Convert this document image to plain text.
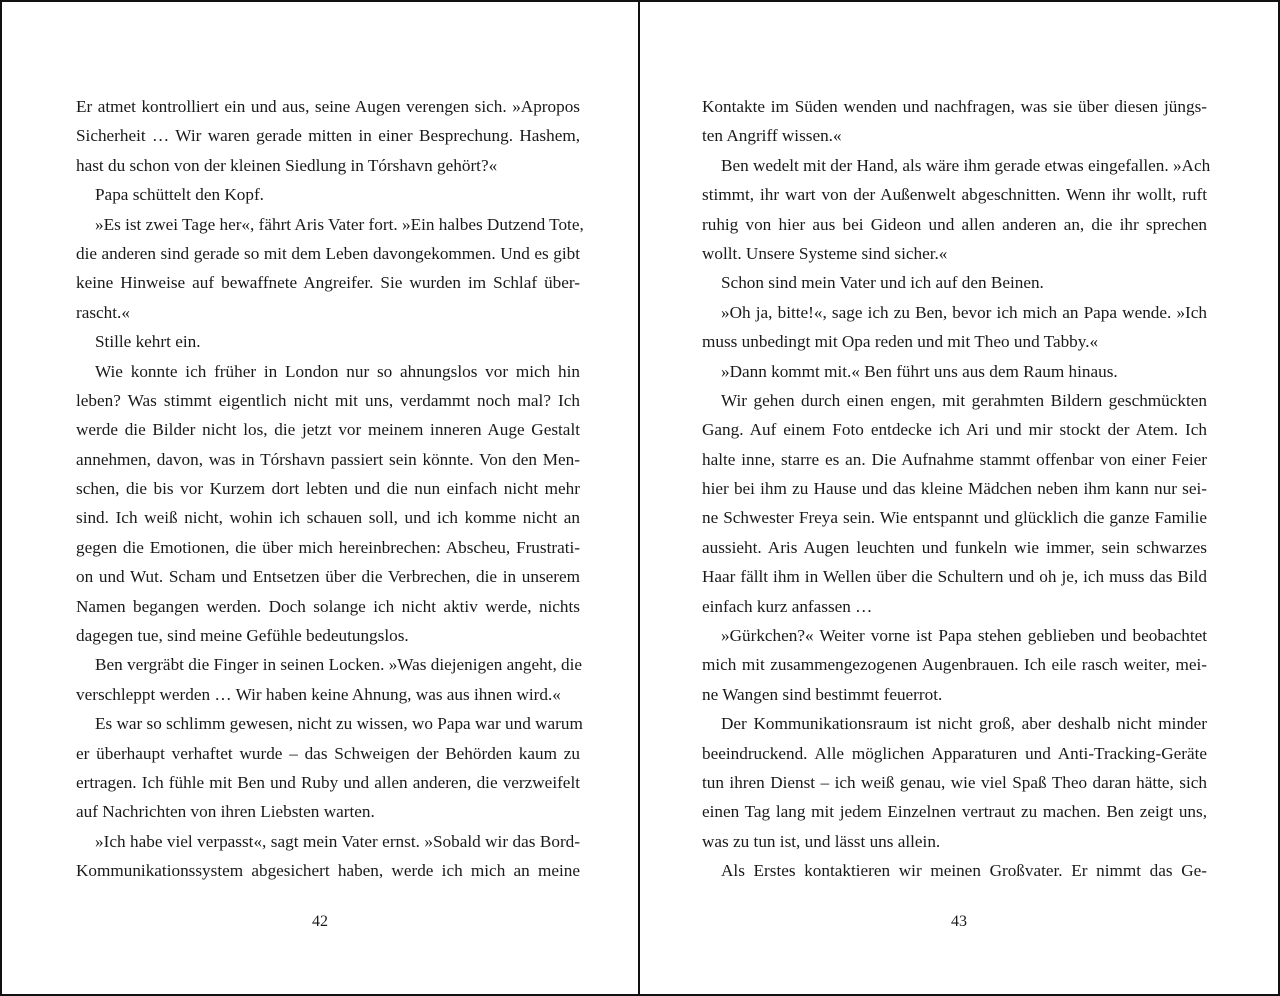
Er atmet kontrolliert ein und aus, seine Augen verengen sich. »Apropos
Sicherheit … Wir waren gerade mitten in einer Besprechung. Hashem,
hast du schon von der kleinen Siedlung in Tórshavn gehört?«
Papa schüttelt den Kopf.
»Es ist zwei Tage her«, fährt Aris Vater fort. »Ein halbes Dutzend Tote,
die anderen sind gerade so mit dem Leben davongekommen. Und es gibt
keine Hinweise auf bewaffnete Angreifer. Sie wurden im Schlaf über-
rascht.«
Stille kehrt ein.
Wie konnte ich früher in London nur so ahnungslos vor mich hin
leben? Was stimmt eigentlich nicht mit uns, verdammt noch mal? Ich
werde die Bilder nicht los, die jetzt vor meinem inneren Auge Gestalt
annehmen, davon, was in Tórshavn passiert sein könnte. Von den Men-
schen, die bis vor Kurzem dort lebten und die nun einfach nicht mehr
sind. Ich weiß nicht, wohin ich schauen soll, und ich komme nicht an
gegen die Emotionen, die über mich hereinbrechen: Abscheu, Frustrati-
on und Wut. Scham und Entsetzen über die Verbrechen, die in unserem
Namen begangen werden. Doch solange ich nicht aktiv werde, nichts
dagegen tue, sind meine Gefühle bedeutungslos.
Ben vergräbt die Finger in seinen Locken. »Was diejenigen angeht, die
verschleppt werden … Wir haben keine Ahnung, was aus ihnen wird.«
Es war so schlimm gewesen, nicht zu wissen, wo Papa war und warum
er überhaupt verhaftet wurde – das Schweigen der Behörden kaum zu
ertragen. Ich fühle mit Ben und Ruby und allen anderen, die verzweifelt
auf Nachrichten von ihren Liebsten warten.
»Ich habe viel verpasst«, sagt mein Vater ernst. »Sobald wir das Bord-
Kommunikationssystem abgesichert haben, werde ich mich an meine
42
Kontakte im Süden wenden und nachfragen, was sie über diesen jüngs-
ten Angriff wissen.«
Ben wedelt mit der Hand, als wäre ihm gerade etwas eingefallen. »Ach
stimmt, ihr wart von der Außenwelt abgeschnitten. Wenn ihr wollt, ruft
ruhig von hier aus bei Gideon und allen anderen an, die ihr sprechen
wollt. Unsere Systeme sind sicher.«
Schon sind mein Vater und ich auf den Beinen.
»Oh ja, bitte!«, sage ich zu Ben, bevor ich mich an Papa wende. »Ich
muss unbedingt mit Opa reden und mit Theo und Tabby.«
»Dann kommt mit.« Ben führt uns aus dem Raum hinaus.
Wir gehen durch einen engen, mit gerahmten Bildern geschmückten
Gang. Auf einem Foto entdecke ich Ari und mir stockt der Atem. Ich
halte inne, starre es an. Die Aufnahme stammt offenbar von einer Feier
hier bei ihm zu Hause und das kleine Mädchen neben ihm kann nur sei-
ne Schwester Freya sein. Wie entspannt und glücklich die ganze Familie
aussieht. Aris Augen leuchten und funkeln wie immer, sein schwarzes
Haar fällt ihm in Wellen über die Schultern und oh je, ich muss das Bild
einfach kurz anfassen …
»Gürkchen?« Weiter vorne ist Papa stehen geblieben und beobachtet
mich mit zusammengezogenen Augenbrauen. Ich eile rasch weiter, mei-
ne Wangen sind bestimmt feuerrot.
Der Kommunikationsraum ist nicht groß, aber deshalb nicht minder
beeindruckend. Alle möglichen Apparaturen und Anti-Tracking-Geräte
tun ihren Dienst – ich weiß genau, wie viel Spaß Theo daran hätte, sich
einen Tag lang mit jedem Einzelnen vertraut zu machen. Ben zeigt uns,
was zu tun ist, und lässt uns allein.
Als Erstes kontaktieren wir meinen Großvater. Er nimmt das Ge-
43
